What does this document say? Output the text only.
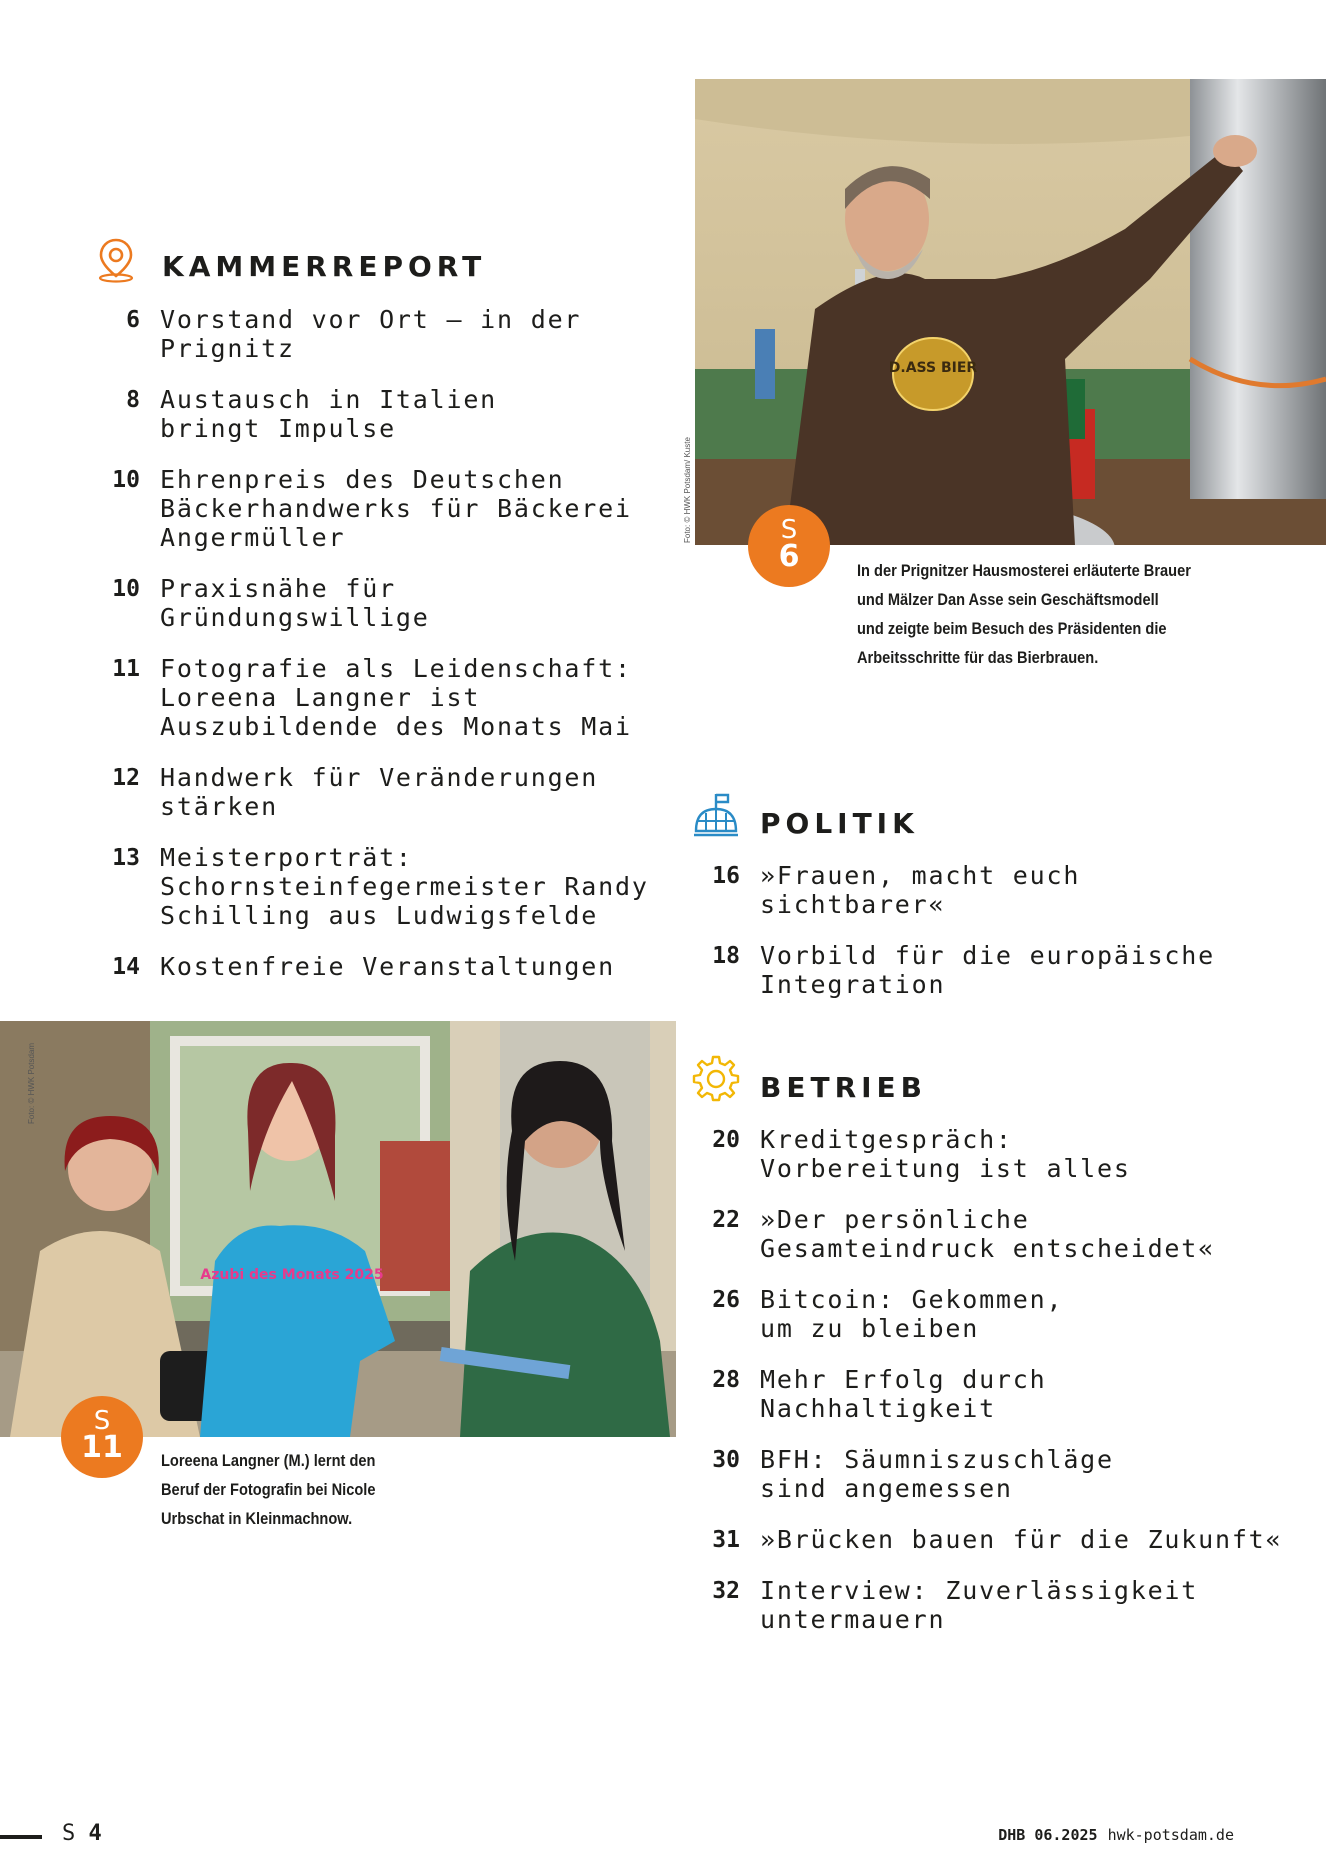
KAMMERREPORT
6 Vorstand vor Ort – in der
Prignitz
8 Austausch in Italien
bringt Impulse
10 Ehrenpreis des Deutschen
Bäckerhandwerks für Bäckerei
Angermüller
10 Praxisnähe für
Gründungswillige
11 Fotografie als Leidenschaft:
Loreena Langner ist
Auszubildende des Monats Mai
12 Handwerk für Veränderungen
stärken
13 Meisterporträt:
Schornsteinfegermeister Randy
Schilling aus Ludwigsfelde
14 Kostenfreie Veranstaltungen
D.ASS BIER
Foto: © HWK Potsdam/ Kuste	S
6	In der Prignitzer Hausmosterei erläuterte Brauer
und Mälzer Dan Asse sein Geschäftsmodell
und zeigte beim Besuch des Präsidenten die
Arbeitsschritte für das Bierbrauen.
POLITIK
16 »Frauen, macht euch
sichtbarer«
18 Vorbild für die europäische
Integration
Azubi des Monats 2025
Foto: © HWK Potsdam
S
11	Loreena Langner (M.) lernt den
Beruf der Fotografin bei Nicole
Urbschat in Kleinmachnow.
BETRIEB
20 Kreditgespräch:
Vorbereitung ist alles
22 »Der persönliche
Gesamteindruck entscheidet«
26 Bitcoin: Gekommen,
um zu bleiben
28 Mehr Erfolg durch
Nachhaltigkeit
30 BFH: Säumniszuschläge
sind angemessen
31 »Brücken bauen für die Zukunft«
32 Interview: Zuverlässigkeit
untermauern
S 4	DHB 06.2025 hwk-potsdam.de
